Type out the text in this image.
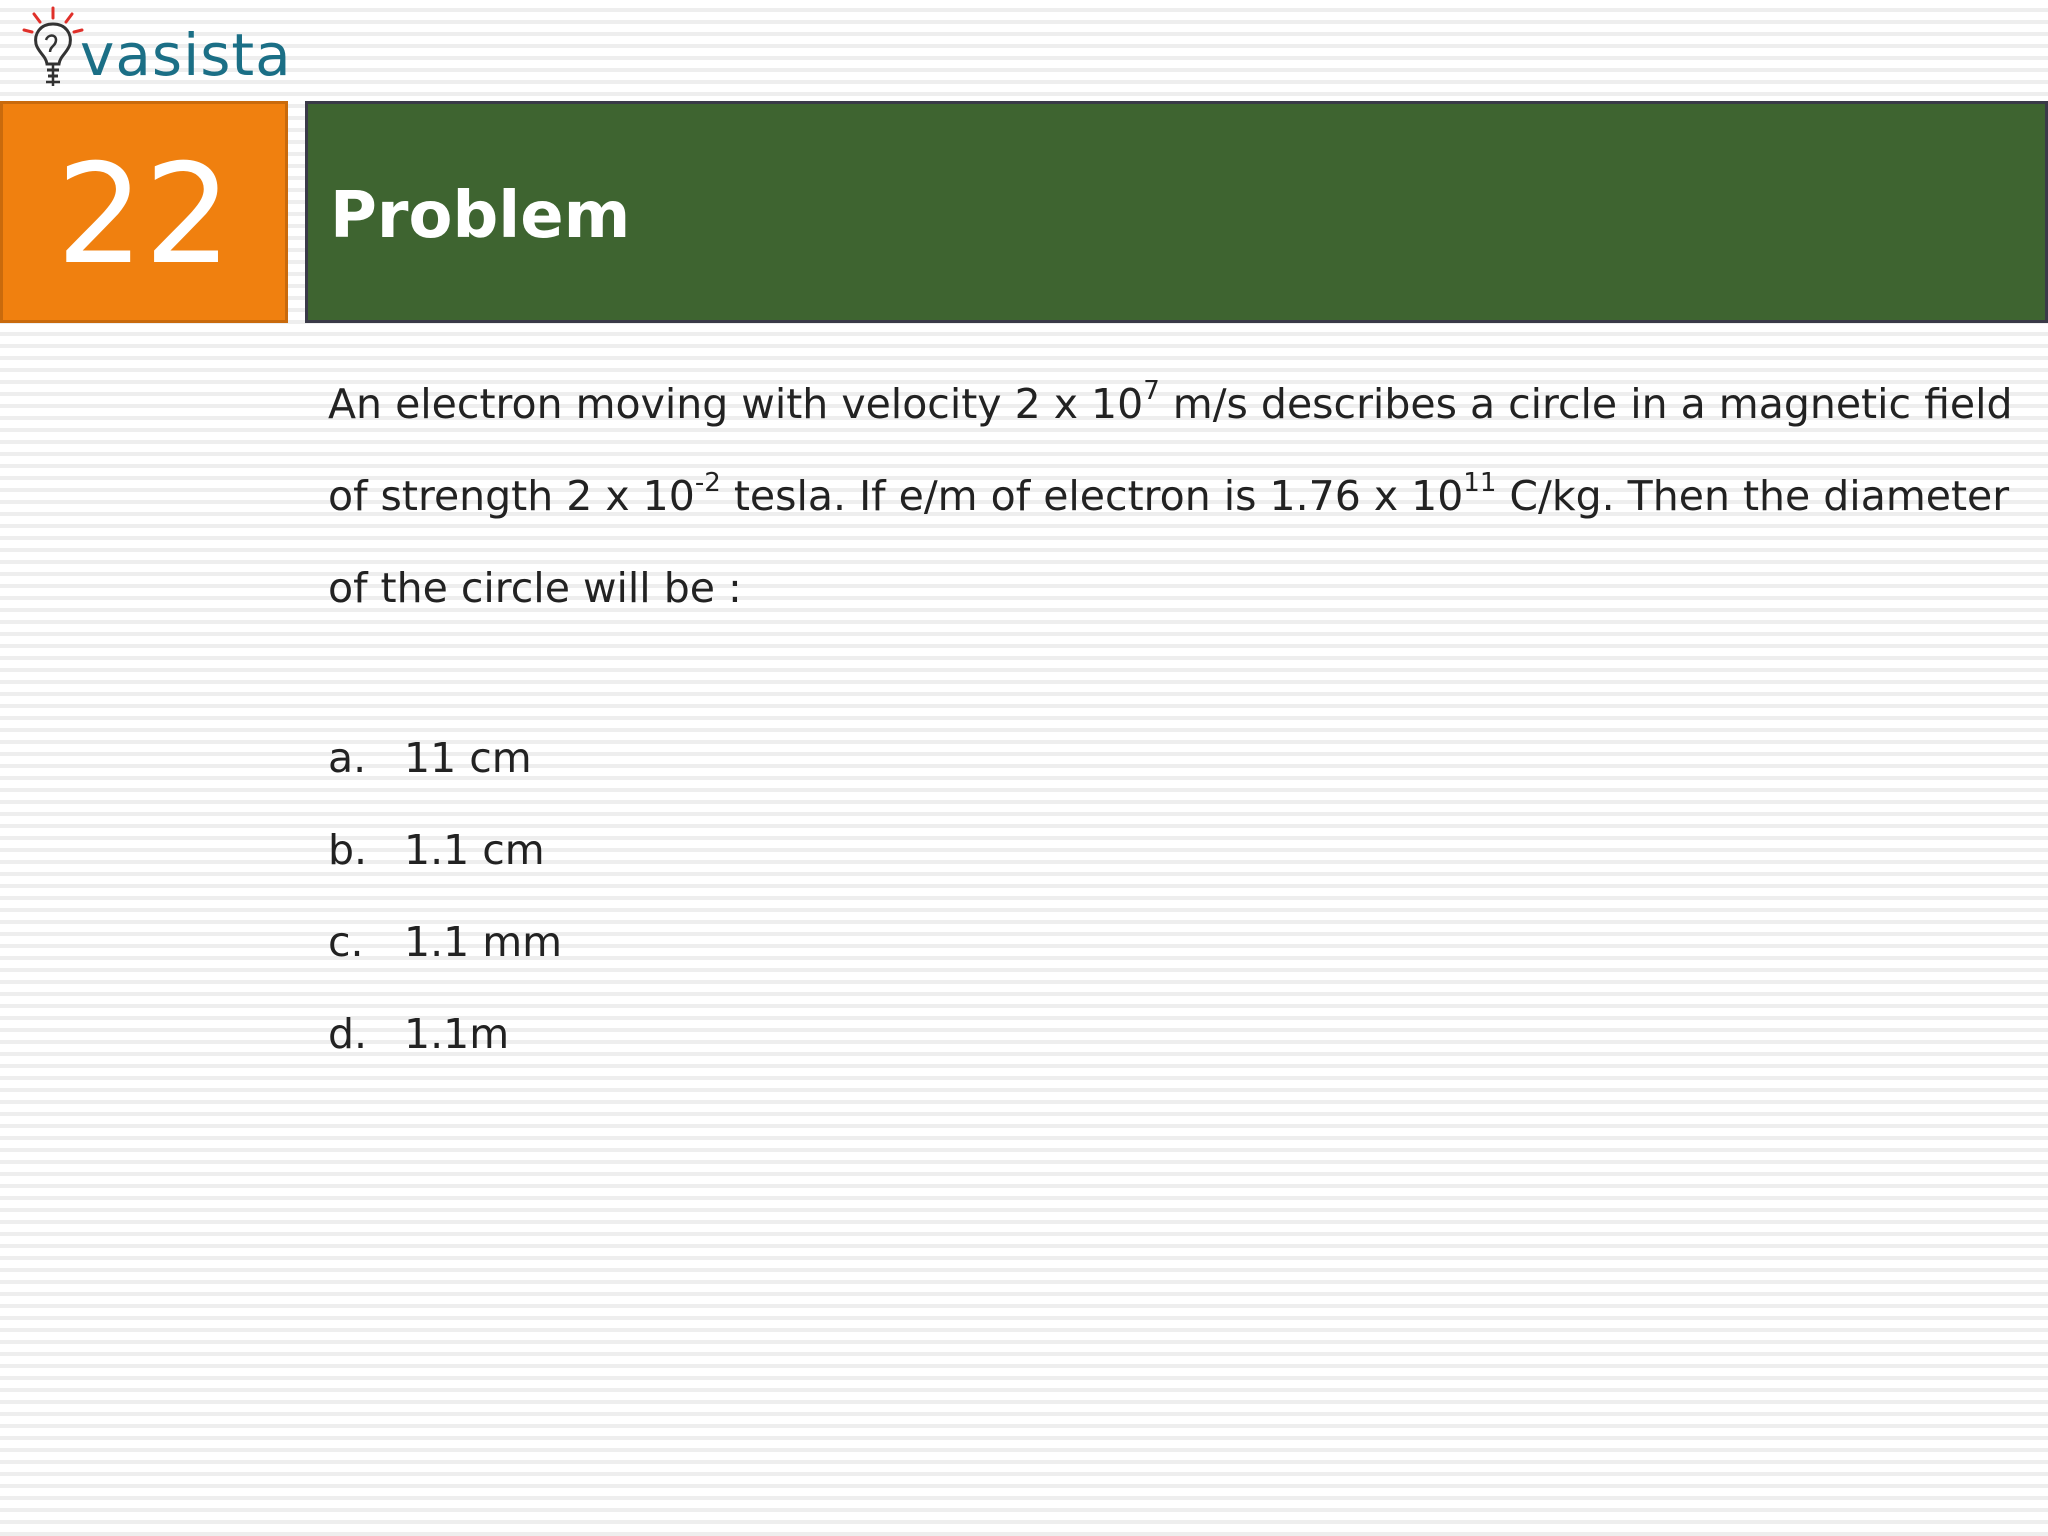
vasista
22 Problem
An electron moving with velocity 2 x $10^7$ m/s describes a circle in a magnetic field of strength 2 x $10^{-2}$ tesla. If e/m of electron is 1.76 x $10^{11}$ C/kg. Then the diameter of the circle will be :
a. 11 cm
b. 1.1 cm
c. 1.1 mm
d. 1.1m
